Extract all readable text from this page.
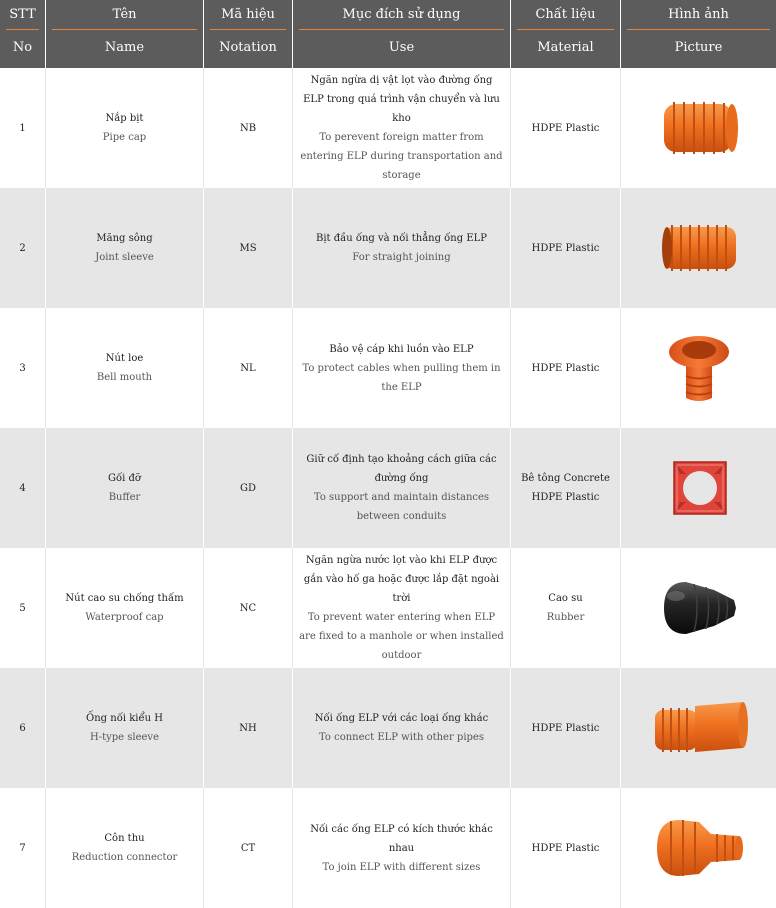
STT
No
Tên
Name
Mã hiệu
Notation
Mục đích sử dụng
Use
Chất liệu
Material
Hình ảnh
Picture
1
Nắp bịt
Pipe cap
NB
Ngăn ngừa dị vật lọt vào đường ống ELP trong quá trình vận chuyển và lưu kho
To perevent foreign matter from entering ELP during transportation and storage
HDPE Plastic
2
Măng sông
Joint sleeve
MS
Bịt đầu ống và nối thẳng ống ELP
For straight joining
HDPE Plastic
3
Nút loe
Bell mouth
NL
Bảo vệ cáp khi luồn vào ELP
To protect cables when pulling them in the ELP
HDPE Plastic
4
Gối đỡ
Buffer
GD
Giữ cố định tạo khoảng cách giữa các đường ống
To support and maintain distances between conduits
Bê tông Concrete
HDPE Plastic
5
Nút cao su chống thấm
Waterproof cap
NC
Ngăn ngừa nước lọt vào khi ELP được gắn vào hố ga hoặc được lắp đặt ngoài trời
To prevent water entering when ELP are fixed to a manhole or when installed outdoor
Cao su
Rubber
6
Ống nối kiểu H
H-type sleeve
NH
Nối ống ELP với các loại ống khác
To connect ELP with other pipes
HDPE Plastic
7
Côn thu
Reduction connector
CT
Nối các ống ELP có kích thước khác nhau
To join ELP with different sizes
HDPE Plastic
